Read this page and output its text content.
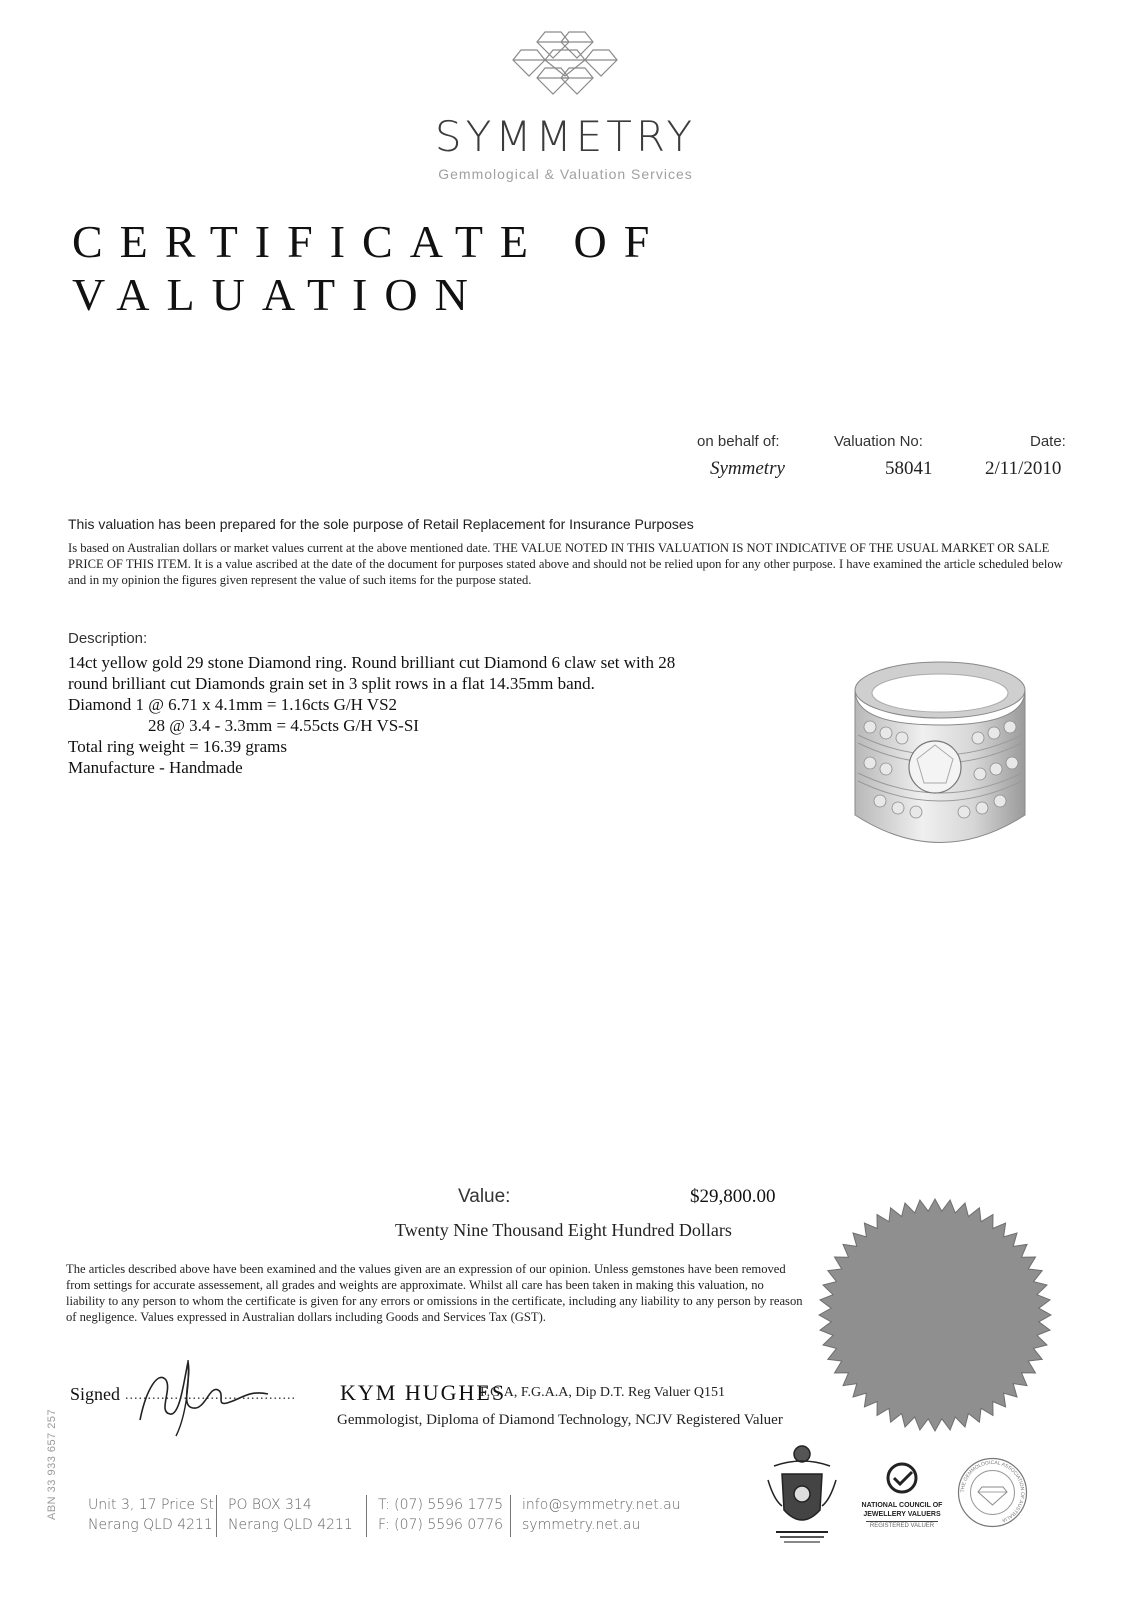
SYMMETRY
Gemmological & Valuation Services
CERTIFICATE OF VALUATION
on behalf of:	Valuation No:	Date:
Symmetry	58041	2/11/2010
This valuation has been prepared for the sole purpose of Retail Replacement for Insurance Purposes
Is based on Australian dollars or market values current at the above mentioned date. THE VALUE NOTED IN THIS VALUATION IS NOT INDICATIVE OF THE USUAL MARKET OR SALE PRICE OF THIS ITEM. It is a value ascribed at the date of the document for purposes stated above and should not be relied upon for any other purpose. I have examined the article scheduled below and in my opinion the figures given represent the value of such items for the purpose stated.
Description:
14ct yellow gold 29 stone Diamond ring. Round brilliant cut Diamond 6 claw set with 28
round brilliant cut Diamonds grain set in 3 split rows in a flat 14.35mm band.
Diamond 1 @ 6.71 x 4.1mm = 1.16cts G/H VS2
28 @ 3.4 - 3.3mm = 4.55cts G/H VS-SI
Total ring weight = 16.39 grams
Manufacture - Handmade
Value:	$29,800.00
Twenty Nine Thousand Eight Hundred Dollars
The articles described above have been examined and the values given are an expression of our opinion. Unless gemstones have been removed from settings for accurate assessement, all grades and weights are approximate. Whilst all care has been taken in making this valuation, no liability to any person to whom the certificate is given for any errors or omissions in the certificate, including any liability to any person by reason of negligence. Values expressed in Australian dollars including Goods and Services Tax (GST).
Signed ...................................... KYM HUGHES
F.G.A, F.G.A.A, Dip D.T. Reg Valuer Q151
Gemmologist, Diploma of Diamond Technology, NCJV Registered Valuer
ABN 33 933 657 257 Unit 3, 17 Price St
Nerang QLD 4211
PO BOX 314
Nerang QLD 4211
T: (07) 5596 1775
F: (07) 5596 0776
info@symmetry.net.au
symmetry.net.au
NATIONAL COUNCIL OF
JEWELLERY VALUERS
REGISTERED VALUER
THE GEMMOLOGICAL ASSOCIATION OF AUSTRALIA
